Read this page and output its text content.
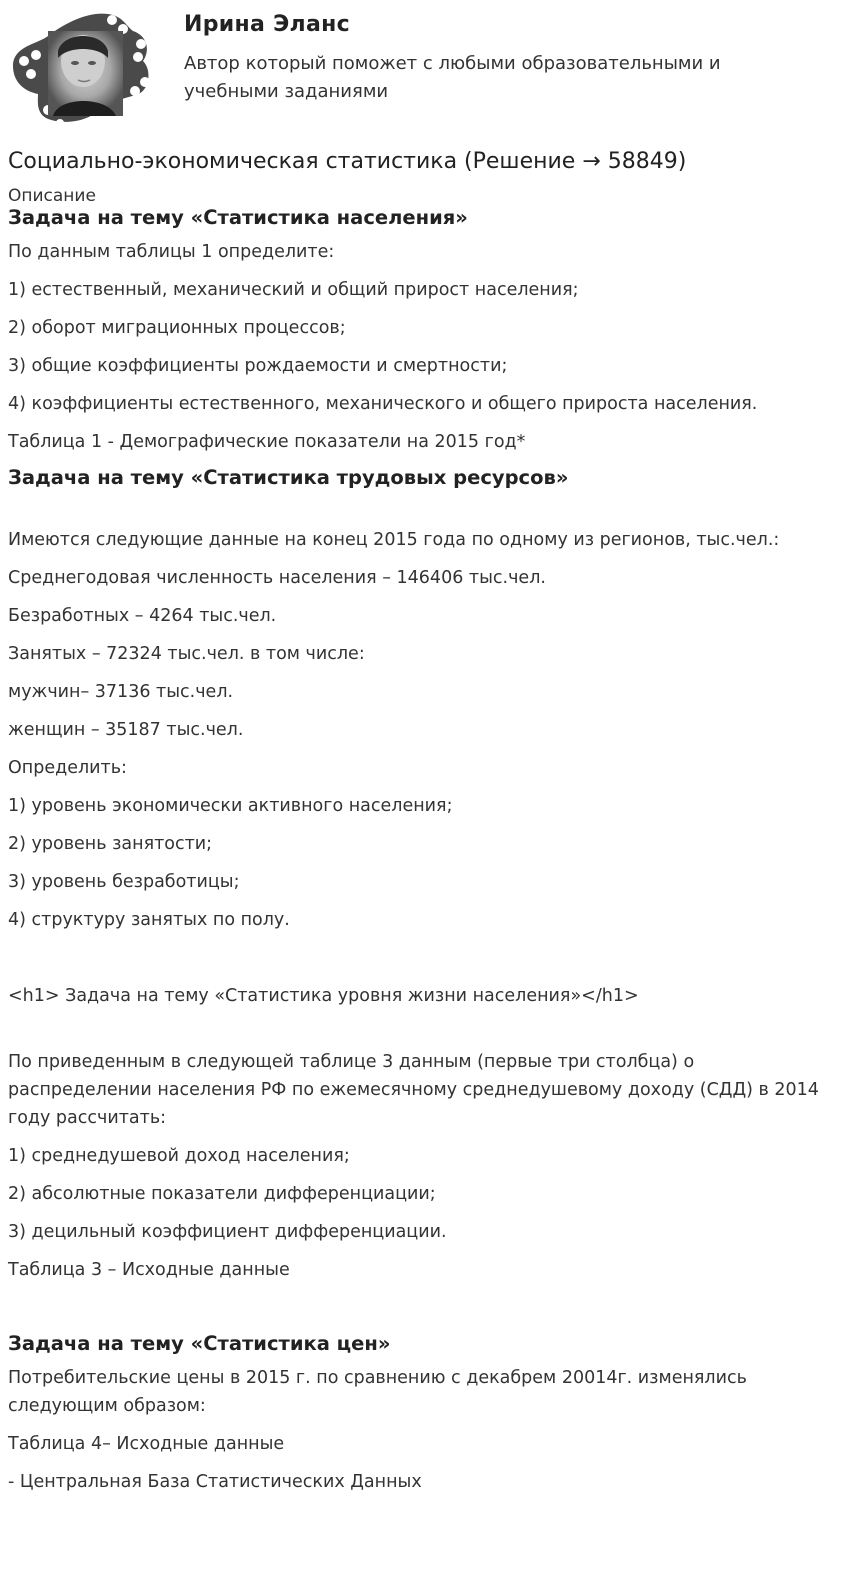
Ирина Эланс
Автор который поможет с любыми образовательными и учебными заданиями
Социально-экономическая статистика (Решение → 58849)
Описание
Задача на тему «Статистика населения»

По данным таблицы 1 определите:

1) естественный, механический и общий прирост населения;

2) оборот миграционных процессов;

3) общие коэффициенты рождаемости и смертности;

4) коэффициенты естественного, механического и общего прироста населения.

Таблица 1 - Демографические показатели на 2015 год*

Задача на тему «Статистика трудовых ресурсов»

Имеются следующие данные на конец 2015 года по одному из регионов, тыс.чел.:

Среднегодовая численность населения – 146406 тыс.чел.

Безработных – 4264 тыс.чел.

Занятых – 72324 тыс.чел. в том числе:

мужчин– 37136 тыс.чел.

женщин – 35187 тыс.чел.

Определить:

1) уровень экономически активного населения;

2) уровень занятости;

3) уровень безработицы;

4) структуру занятых по полу.

<h1> Задача на тему «Статистика уровня жизни населения»</h1>

По приведенным в следующей таблице 3 данным (первые три столбца) о распределении населения РФ по ежемесячному среднедушевому доходу (СДД) в 2014 году рассчитать:

1) среднедушевой доход населения;

2) абсолютные показатели дифференциации;

3) децильный коэффициент дифференциации.

Таблица 3 – Исходные данные

Задача на тему «Статистика цен»

Потребительские цены в 2015 г. по сравнению с декабрем 20014г. изменялись следующим образом:

Таблица 4– Исходные данные

- Центральная База Статистических Данных
